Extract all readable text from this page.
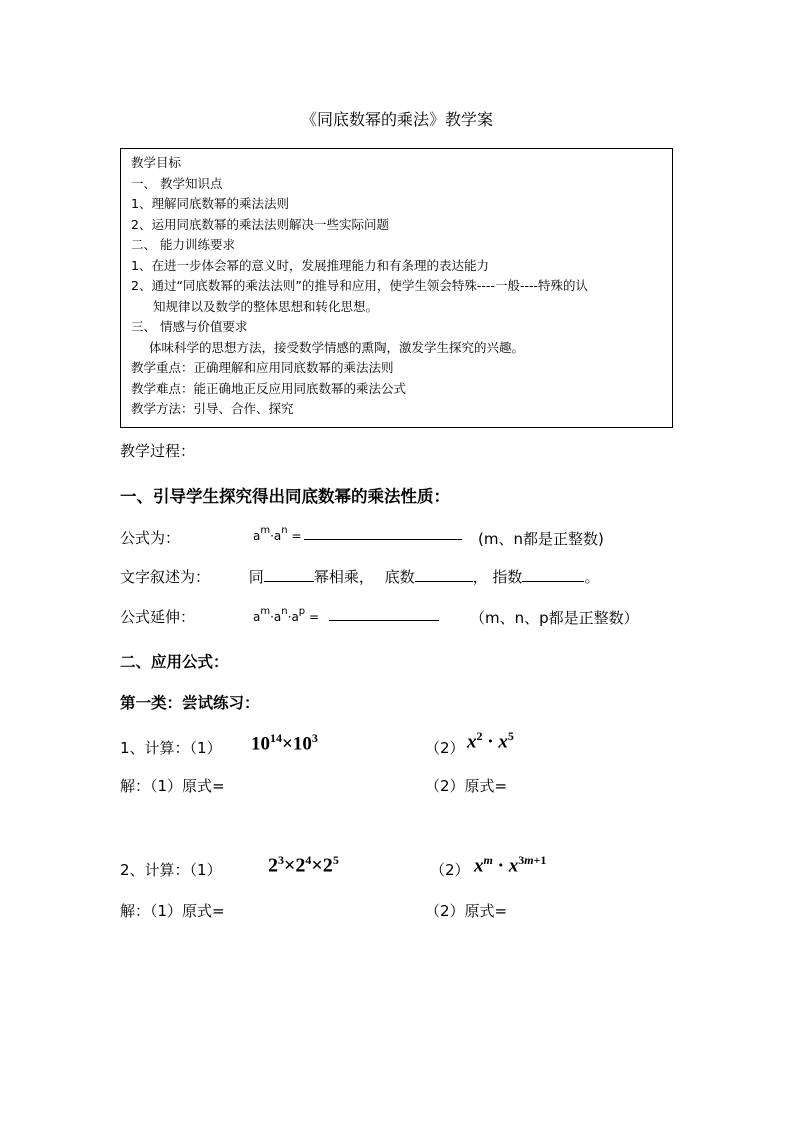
《同底数幂的乘法》教学案
教学目标
一、 教学知识点
1、理解同底数幂的乘法法则
2、运用同底数幂的乘法法则解决一些实际问题
二、 能力训练要求
1、在进一步体会幂的意义时，发展推理能力和有条理的表达能力
2、通过“同底数幂的乘法法则”的推导和应用，使学生领会特殊----一般----特殊的认
知规律以及数学的整体思想和转化思想。
三、 情感与价值要求
体味科学的思想方法，接受数学情感的熏陶，激发学生探究的兴趣。
教学重点：正确理解和应用同底数幂的乘法法则
教学难点：能正确地正反应用同底数幂的乘法公式
教学方法：引导、合作、探究
教学过程：
一、引导学生探究得出同底数幂的乘法性质：
公式为：	$a^m\cdot a^n$ =	(m、n都是正整数)
文字叙述为：	同	幂相乘， 底数	， 指数	。
公式延伸：	$a^m\cdot a^n\cdot a^p$ =	（m、n、p都是正整数）
二、应用公式：
第一类：尝试练习：
1、计算：（1） $10^{14}\times 10^3$
（2） $x^2 \cdot x^5$
解：（1）原式=	（2）原式=
2、计算：（1） $2^3\times 2^4\times 2^5$
（2） $x^m \cdot x^{3m+1}$
解：（1）原式=	（2）原式=
